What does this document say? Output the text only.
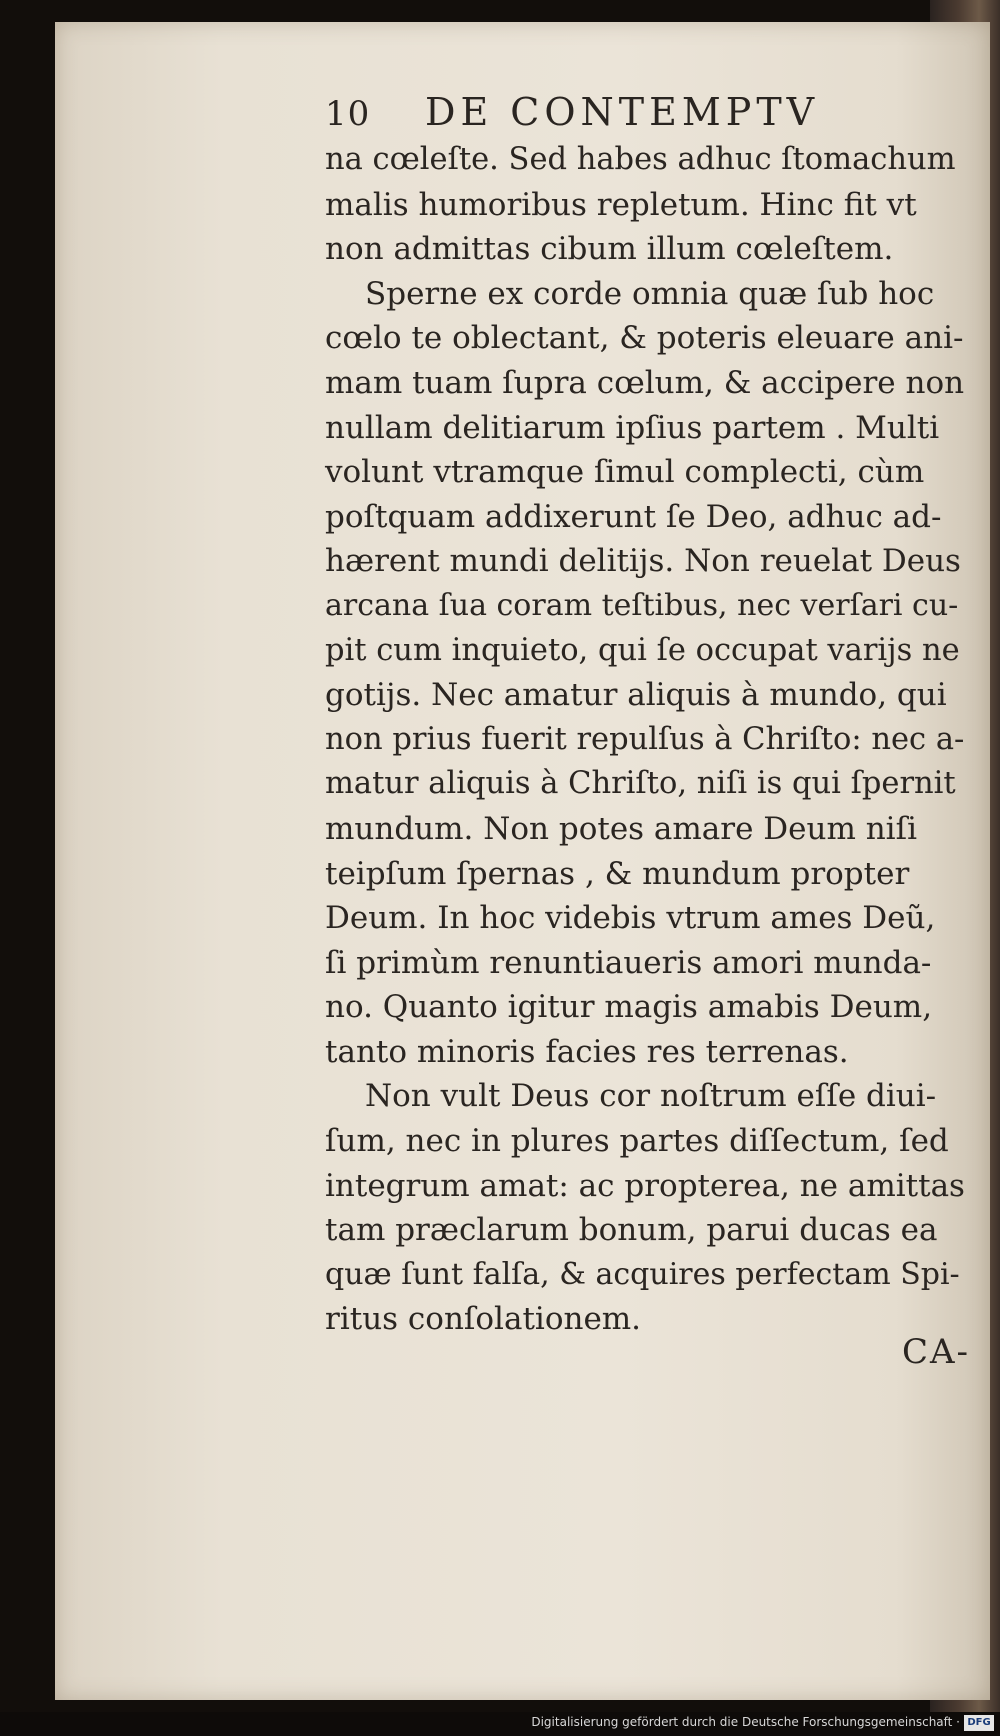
10	DE CONTEMPTV
na cœleſte. Sed habes adhuc ſtomachum
malis humoribus repletum. Hinc fit vt
non admittas cibum illum cœleſtem.
Sperne ex corde omnia quæ ſub hoc
cœlo te oblectant, & poteris eleuare ani-
mam tuam ſupra cœlum, & accipere non
nullam delitiarum ipſius partem . Multi
volunt vtramque ſimul complecti, cùm
poſtquam addixerunt ſe Deo, adhuc ad-
hærent mundi delitijs. Non reuelat Deus
arcana ſua coram teſtibus, nec verſari cu-
pit cum inquieto, qui ſe occupat varijs ne
gotijs. Nec amatur aliquis à mundo, qui
non prius fuerit repulſus à Chriſto: nec a-
matur aliquis à Chriſto, niſi is qui ſpernit
mundum. Non potes amare Deum niſi
teipſum ſpernas , & mundum propter
Deum. In hoc videbis vtrum ames Deũ,
ſi primùm renuntiaueris amori munda-
no. Quanto igitur magis amabis Deum,
tanto minoris facies res terrenas.
Non vult Deus cor noſtrum eſſe diui-
ſum, nec in plures partes diſſectum, ſed
integrum amat: ac propterea, ne amittas
tam præclarum bonum, parui ducas ea
quæ ſunt falſa, & acquires perfectam Spi-
ritus conſolationem.
CA-
Digitalisierung gefördert durch die Deutsche Forschungsgemeinschaft · DFG
